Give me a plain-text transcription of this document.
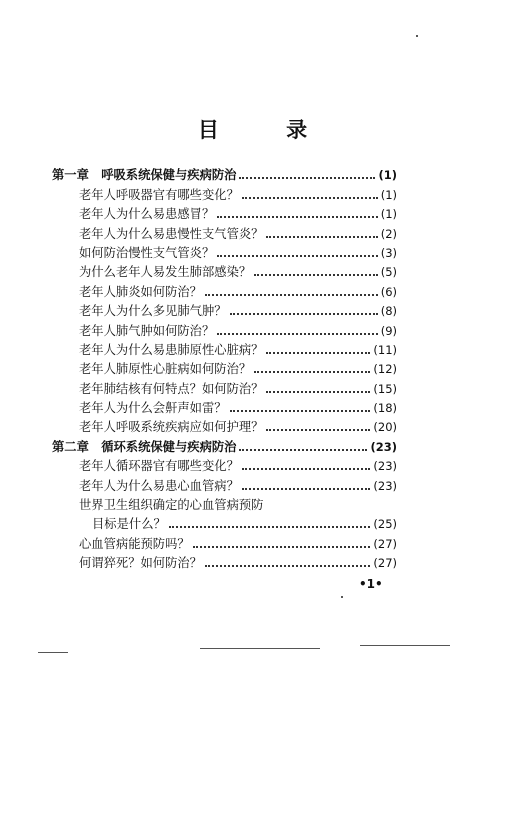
目 录
第一章　呼吸系统保健与疾病防治	(1)
老年人呼吸器官有哪些变化？	(1)
老年人为什么易患感冒？	(1)
老年人为什么易患慢性支气管炎？	(2)
如何防治慢性支气管炎？	(3)
为什么老年人易发生肺部感染？	(5)
老年人肺炎如何防治？	(6)
老年人为什么多见肺气肿？	(8)
老年人肺气肿如何防治？	(9)
老年人为什么易患肺原性心脏病？	(11)
老年人肺原性心脏病如何防治？	(12)
老年肺结核有何特点？如何防治？	(15)
老年人为什么会鼾声如雷？	(18)
老年人呼吸系统疾病应如何护理？	(20)
第二章　循环系统保健与疾病防治	(23)
老年人循环器官有哪些变化？	(23)
老年人为什么易患心血管病？	(23)
世界卫生组织确定的心血管病预防
目标是什么？	(25)
心血管病能预防吗？	(27)
何谓猝死？如何防治？	(27)
•1•
